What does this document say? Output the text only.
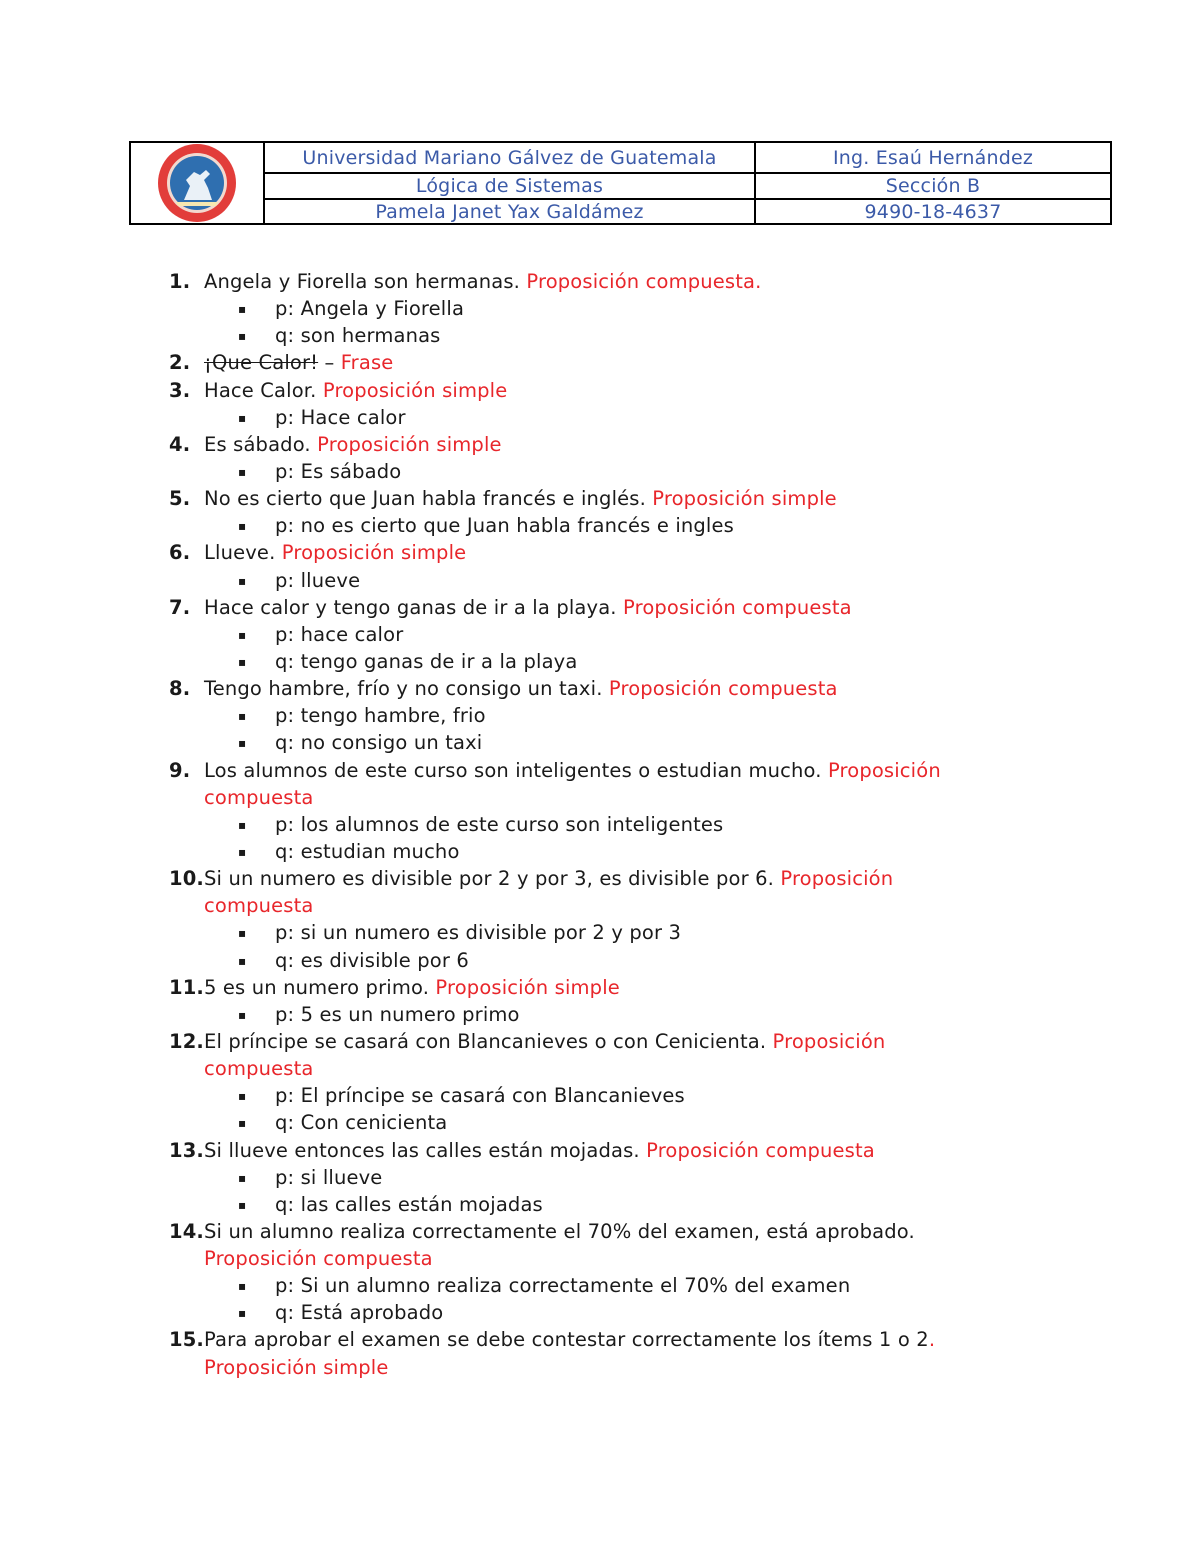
Universidad Mariano Gálvez de Guatemala	Ing. Esaú Hernández
Lógica de Sistemas	Sección B
Pamela Janet Yax Galdámez	9490-18-4637
1. Angela y Fiorella son hermanas. Proposición compuesta.
▪ p: Angela y Fiorella
▪ q: son hermanas
2. ¡Que Calor! – Frase
3. Hace Calor. Proposición simple
▪ p: Hace calor
4. Es sábado. Proposición simple
▪ p: Es sábado
5. No es cierto que Juan habla francés e inglés. Proposición simple
▪ p: no es cierto que Juan habla francés e ingles
6. Llueve. Proposición simple
▪ p: llueve
7. Hace calor y tengo ganas de ir a la playa. Proposición compuesta
▪ p: hace calor
▪ q: tengo ganas de ir a la playa
8. Tengo hambre, frío y no consigo un taxi. Proposición compuesta
▪ p: tengo hambre, frio
▪ q: no consigo un taxi
9. Los alumnos de este curso son inteligentes o estudian mucho. Proposición
compuesta
▪ p: los alumnos de este curso son inteligentes
▪ q: estudian mucho
10. Si un numero es divisible por 2 y por 3, es divisible por 6. Proposición
compuesta
▪ p: si un numero es divisible por 2 y por 3
▪ q: es divisible por 6
11. 5 es un numero primo. Proposición simple
▪ p: 5 es un numero primo
12. El príncipe se casará con Blancanieves o con Cenicienta. Proposición
compuesta
▪ p: El príncipe se casará con Blancanieves
▪ q: Con cenicienta
13. Si llueve entonces las calles están mojadas. Proposición compuesta
▪ p: si llueve
▪ q: las calles están mojadas
14. Si un alumno realiza correctamente el 70% del examen, está aprobado.
Proposición compuesta
▪ p: Si un alumno realiza correctamente el 70% del examen
▪ q: Está aprobado
15. Para aprobar el examen se debe contestar correctamente los ítems 1 o 2.
Proposición simple
